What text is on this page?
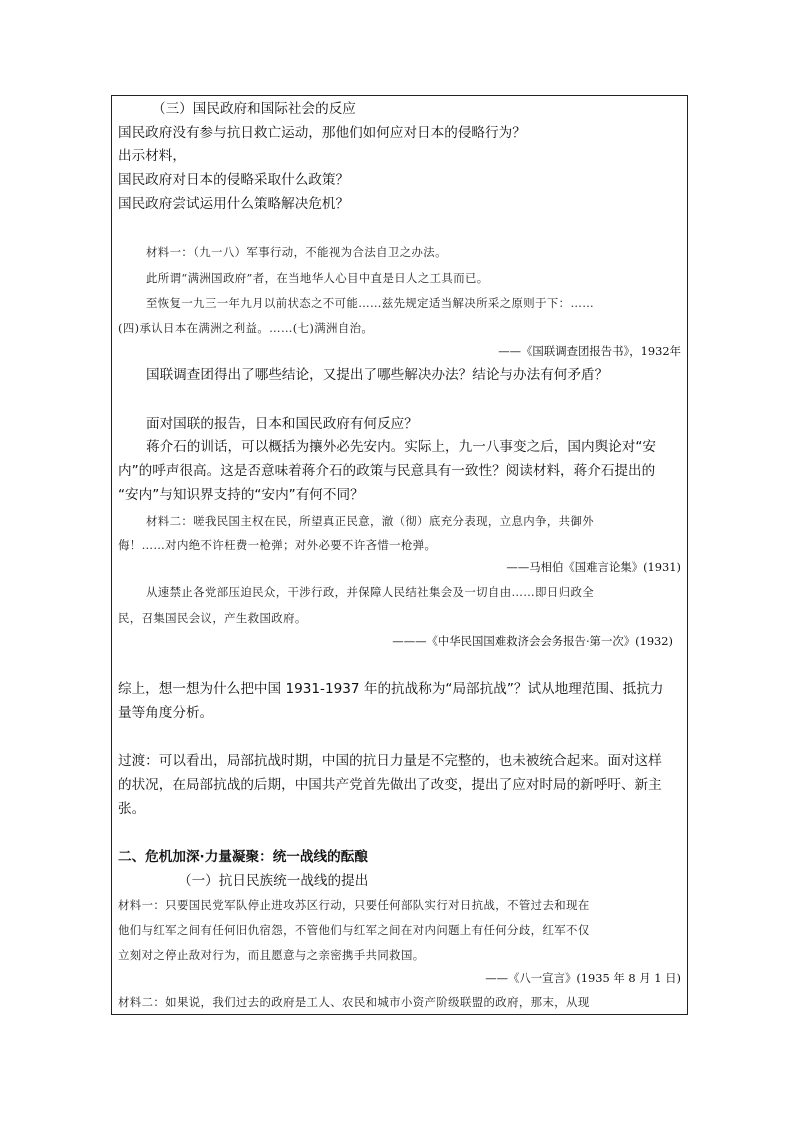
（三）国民政府和国际社会的反应
国民政府没有参与抗日救亡运动，那他们如何应对日本的侵略行为？
出示材料，
国民政府对日本的侵略采取什么政策？
国民政府尝试运用什么策略解决危机？
材料一：（九一八）军事行动，不能视为合法自卫之办法。
此所谓“满洲国政府”者，在当地华人心目中直是日人之工具而已。
至恢复一九三一年九月以前状态之不可能……兹先规定适当解决所采之原则于下：……
(四)承认日本在满洲之利益。……(七)满洲自治。
——《国联调查团报告书》，1932年
国联调查团得出了哪些结论，又提出了哪些解决办法？结论与办法有何矛盾？
面对国联的报告，日本和国民政府有何反应？
蒋介石的训话，可以概括为攘外必先安内。实际上，九一八事变之后，国内舆论对“安
内”的呼声很高。这是否意味着蒋介石的政策与民意具有一致性？阅读材料，蒋介石提出的
“安内”与知识界支持的“安内”有何不同？
材料二：嗟我民国主权在民，所望真正民意，澈（彻）底充分表现，立息内争，共御外
侮！……对内绝不许枉费一枪弹；对外必要不许吝惜一枪弹。
——马相伯《国难言论集》(1931)
从速禁止各党部压迫民众，干涉行政，并保障人民结社集会及一切自由……即日归政全
民，召集国民会议，产生救国政府。
———《中华民国国难救济会会务报告·第一次》(1932)
综上，想一想为什么把中国 1931-1937 年的抗战称为“局部抗战”？试从地理范围、抵抗力
量等角度分析。
过渡：可以看出，局部抗战时期，中国的抗日力量是不完整的，也未被统合起来。面对这样
的状况，在局部抗战的后期，中国共产党首先做出了改变，提出了应对时局的新呼吁、新主
张。
二、危机加深·力量凝聚：统一战线的酝酿
（一）抗日民族统一战线的提出
材料一：只要国民党军队停止进攻苏区行动，只要任何部队实行对日抗战，不管过去和现在
他们与红军之间有任何旧仇宿怨，不管他们与红军之间在对内问题上有任何分歧，红军不仅
立刻对之停止敌对行为，而且愿意与之亲密携手共同救国。
——《八一宣言》(1935 年 8 月 1 日)
材料二：如果说，我们过去的政府是工人、农民和城市小资产阶级联盟的政府，那末，从现
